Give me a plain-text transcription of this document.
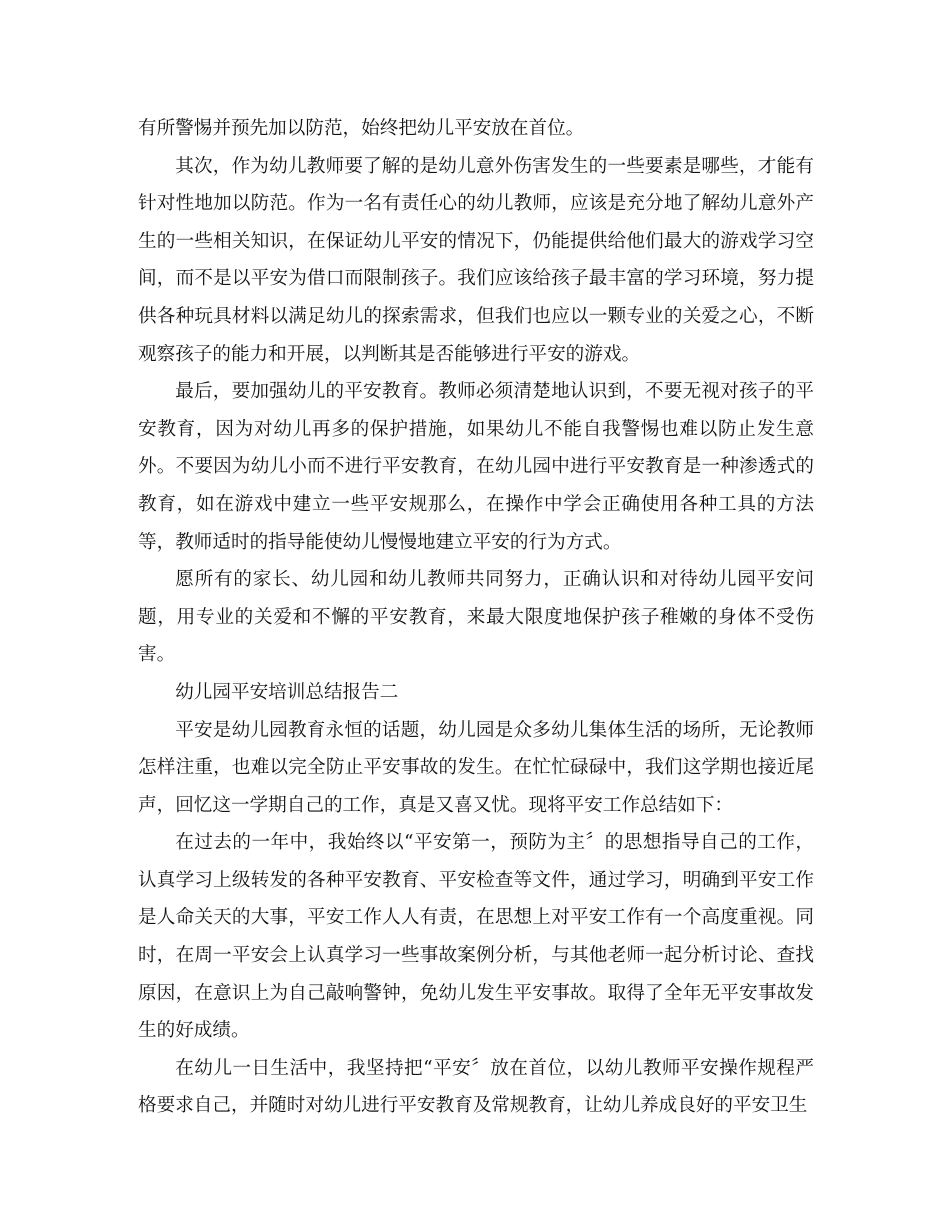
有所警惕并预先加以防范，始终把幼儿平安放在首位。

其次，作为幼儿教师要了解的是幼儿意外伤害发生的一些要素是哪些，才能有针对性地加以防范。作为一名有责任心的幼儿教师，应该是充分地了解幼儿意外产生的一些相关知识，在保证幼儿平安的情况下，仍能提供给他们最大的游戏学习空间，而不是以平安为借口而限制孩子。我们应该给孩子最丰富的学习环境，努力提供各种玩具材料以满足幼儿的探索需求，但我们也应以一颗专业的关爱之心，不断观察孩子的能力和开展，以判断其是否能够进行平安的游戏。

最后，要加强幼儿的平安教育。教师必须清楚地认识到，不要无视对孩子的平安教育，因为对幼儿再多的保护措施，如果幼儿不能自我警惕也难以防止发生意外。不要因为幼儿小而不进行平安教育，在幼儿园中进行平安教育是一种渗透式的教育，如在游戏中建立一些平安规那么，在操作中学会正确使用各种工具的方法等，教师适时的指导能使幼儿慢慢地建立平安的行为方式。

愿所有的家长、幼儿园和幼儿教师共同努力，正确认识和对待幼儿园平安问题，用专业的关爱和不懈的平安教育，来最大限度地保护孩子稚嫩的身体不受伤害。

幼儿园平安培训总结报告二

平安是幼儿园教育永恒的话题，幼儿园是众多幼儿集体生活的场所，无论教师怎样注重，也难以完全防止平安事故的发生。在忙忙碌碌中，我们这学期也接近尾声，回忆这一学期自己的工作，真是又喜又忧。现将平安工作总结如下：

在过去的一年中，我始终以“平安第一，预防为主〞的思想指导自己的工作，认真学习上级转发的各种平安教育、平安检查等文件，通过学习，明确到平安工作是人命关天的大事，平安工作人人有责，在思想上对平安工作有一个高度重视。同时，在周一平安会上认真学习一些事故案例分析，与其他老师一起分析讨论、查找原因，在意识上为自己敲响警钟，免幼儿发生平安事故。取得了全年无平安事故发生的好成绩。

在幼儿一日生活中，我坚持把“平安〞放在首位，以幼儿教师平安操作规程严格要求自己，并随时对幼儿进行平安教育及常规教育，让幼儿养成良好的平安卫生
